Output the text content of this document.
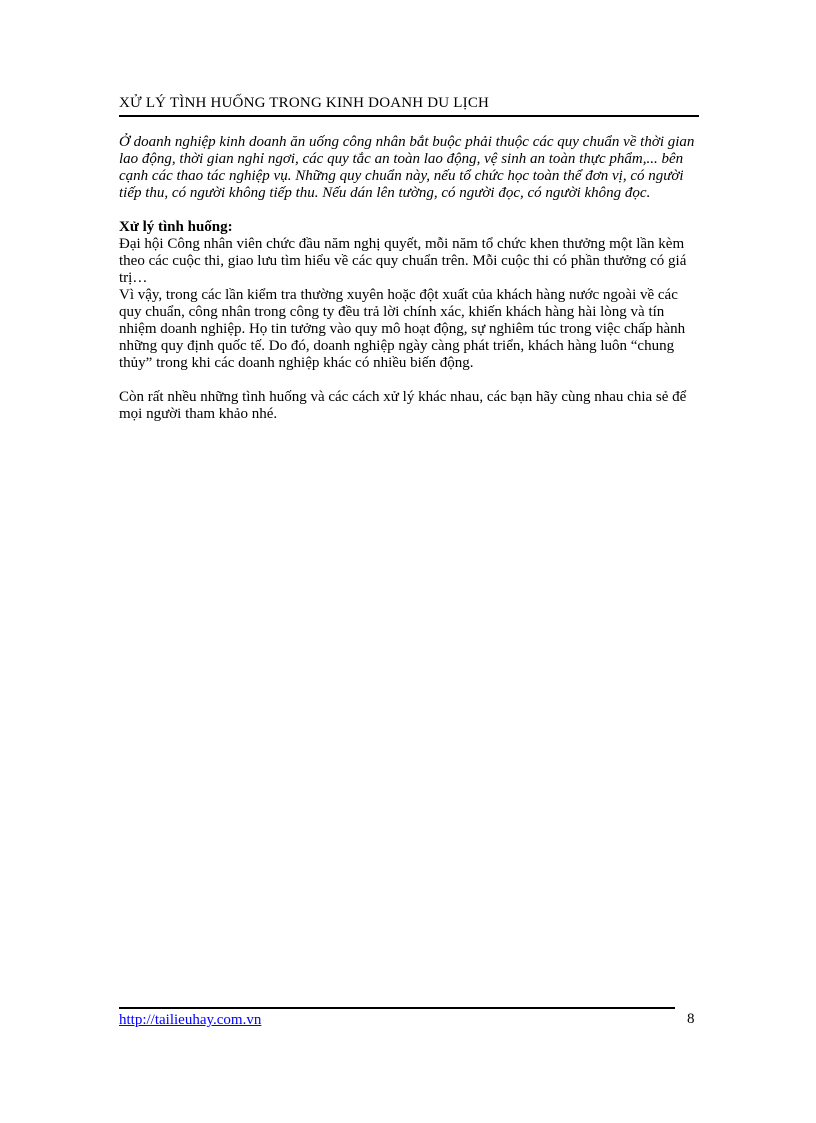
XỬ LÝ TÌNH HUỐNG TRONG KINH DOANH DU LỊCH

Ở doanh nghiệp kinh doanh ăn uống công nhân bắt buộc phải thuộc các quy chuẩn về thời gian lao động, thời gian nghỉ ngơi, các quy tắc an toàn lao động, vệ sinh an toàn thực phẩm,... bên cạnh các thao tác nghiệp vụ. Những quy chuẩn này, nếu tổ chức học toàn thể đơn vị, có người tiếp thu, có người không tiếp thu. Nếu dán lên tường, có người đọc, có người không đọc.

Xử lý tình huống:

Đại hội Công nhân viên chức đầu năm nghị quyết, mỗi năm tổ chức khen thưởng một lần kèm theo các cuộc thi, giao lưu tìm hiểu về các quy chuẩn trên. Mỗi cuộc thi có phần thưởng có giá trị…

Vì vậy, trong các lần kiểm tra thường xuyên hoặc đột xuất của khách hàng nước ngoài về các quy chuẩn, công nhân trong công ty đều trả lời chính xác, khiến khách hàng hài lòng và tín nhiệm doanh nghiệp. Họ tin tưởng vào quy mô hoạt động, sự nghiêm túc trong việc chấp hành những quy định quốc tế. Do đó, doanh nghiệp ngày càng phát triển, khách hàng luôn “chung thủy” trong khi các doanh nghiệp khác có nhiều biến động.

Còn rất nhều những tình huống và các cách xử lý khác nhau, các bạn hãy cùng nhau chia sẻ để mọi người tham khảo nhé.

http://tailieuhay.com.vn	8
